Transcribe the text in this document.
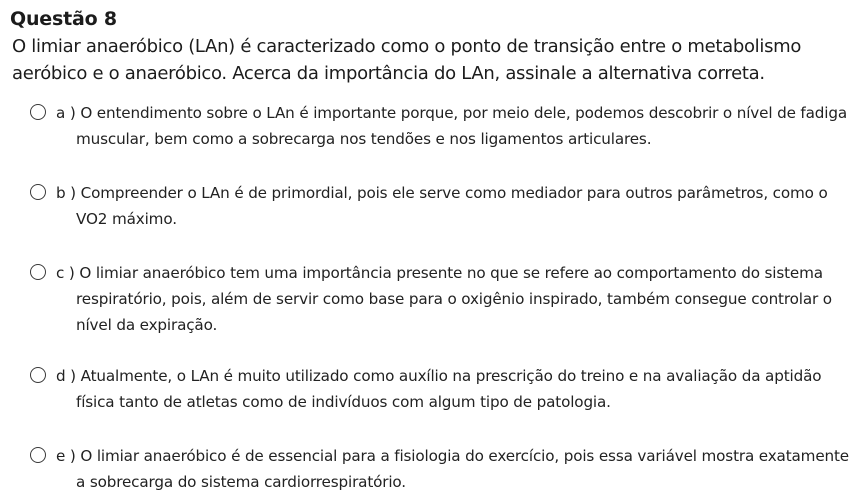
Questão 8
O limiar anaeróbico (LAn) é caracterizado como o ponto de transição entre o metabolismo aeróbico e o anaeróbico. Acerca da importância do LAn, assinale a alternativa correta.
a ) O entendimento sobre o LAn é importante porque, por meio dele, podemos descobrir o nível de fadiga
muscular, bem como a sobrecarga nos tendões e nos ligamentos articulares.
b ) Compreender o LAn é de primordial, pois ele serve como mediador para outros parâmetros, como o
VO2 máximo.
c ) O limiar anaeróbico tem uma importância presente no que se refere ao comportamento do sistema
respiratório, pois, além de servir como base para o oxigênio inspirado, também consegue controlar o
nível da expiração.
d ) Atualmente, o LAn é muito utilizado como auxílio na prescrição do treino e na avaliação da aptidão
física tanto de atletas como de indivíduos com algum tipo de patologia.
e ) O limiar anaeróbico é de essencial para a fisiologia do exercício, pois essa variável mostra exatamente
a sobrecarga do sistema cardiorrespiratório.
